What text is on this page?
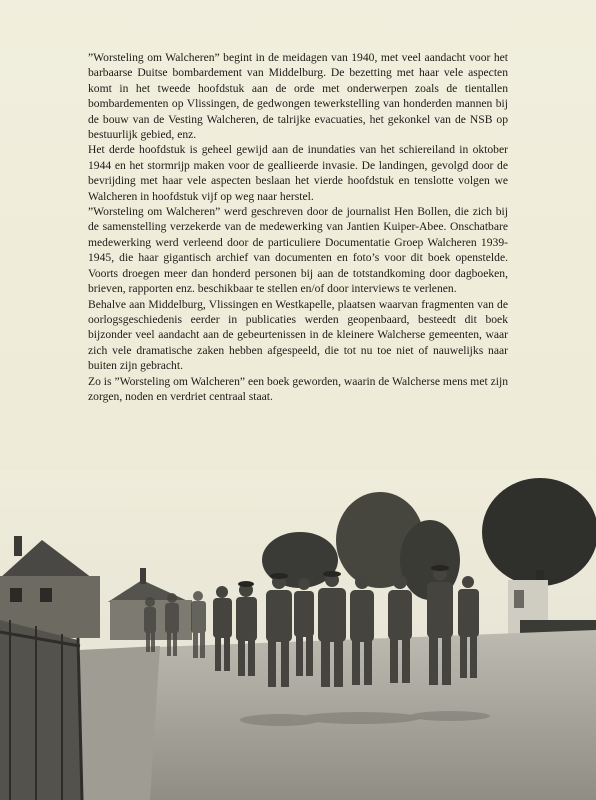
”Worsteling om Walcheren” begint in de meidagen van 1940, met veel aandacht voor het barbaarse Duitse bombardement van Middelburg. De bezetting met haar vele aspecten komt in het tweede hoofdstuk aan de orde met onderwerpen zoals de tientallen bombardementen op Vlissingen, de gedwongen tewerkstelling van honderden mannen bij de bouw van de Vesting Walcheren, de talrijke evacuaties, het gekonkel van de NSB op bestuurlijk gebied, enz.

Het derde hoofdstuk is geheel gewijd aan de inundaties van het schiereiland in oktober 1944 en het stormrijp maken voor de geallieerde invasie. De landingen, gevolgd door de bevrijding met haar vele aspecten beslaan het vierde hoofdstuk en tenslotte volgen we Walcheren in hoofdstuk vijf op weg naar herstel.

”Worsteling om Walcheren” werd geschreven door de journalist Hen Bollen, die zich bij de samenstelling verzekerde van de medewerking van Jantien Kuiper-Abee. Onschatbare medewerking werd verleend door de particuliere Documentatie Groep Walcheren 1939-1945, die haar gigantisch archief van documenten en foto’s voor dit boek openstelde. Voorts droegen meer dan honderd personen bij aan de totstandkoming door dagboeken, brieven, rapporten enz. beschikbaar te stellen en/of door interviews te verlenen.

Behalve aan Middelburg, Vlissingen en Westkapelle, plaatsen waarvan fragmenten van de oorlogsgeschiedenis eerder in publicaties werden geopenbaard, besteedt dit boek bijzonder veel aandacht aan de gebeurtenissen in de kleinere Walcherse gemeenten, waar zich vele dramatische zaken hebben afgespeeld, die tot nu toe niet of nauwelijks naar buiten zijn gebracht.

Zo is ”Worsteling om Walcheren” een boek geworden, waarin de Walcherse mens met zijn zorgen, noden en verdriet centraal staat.
